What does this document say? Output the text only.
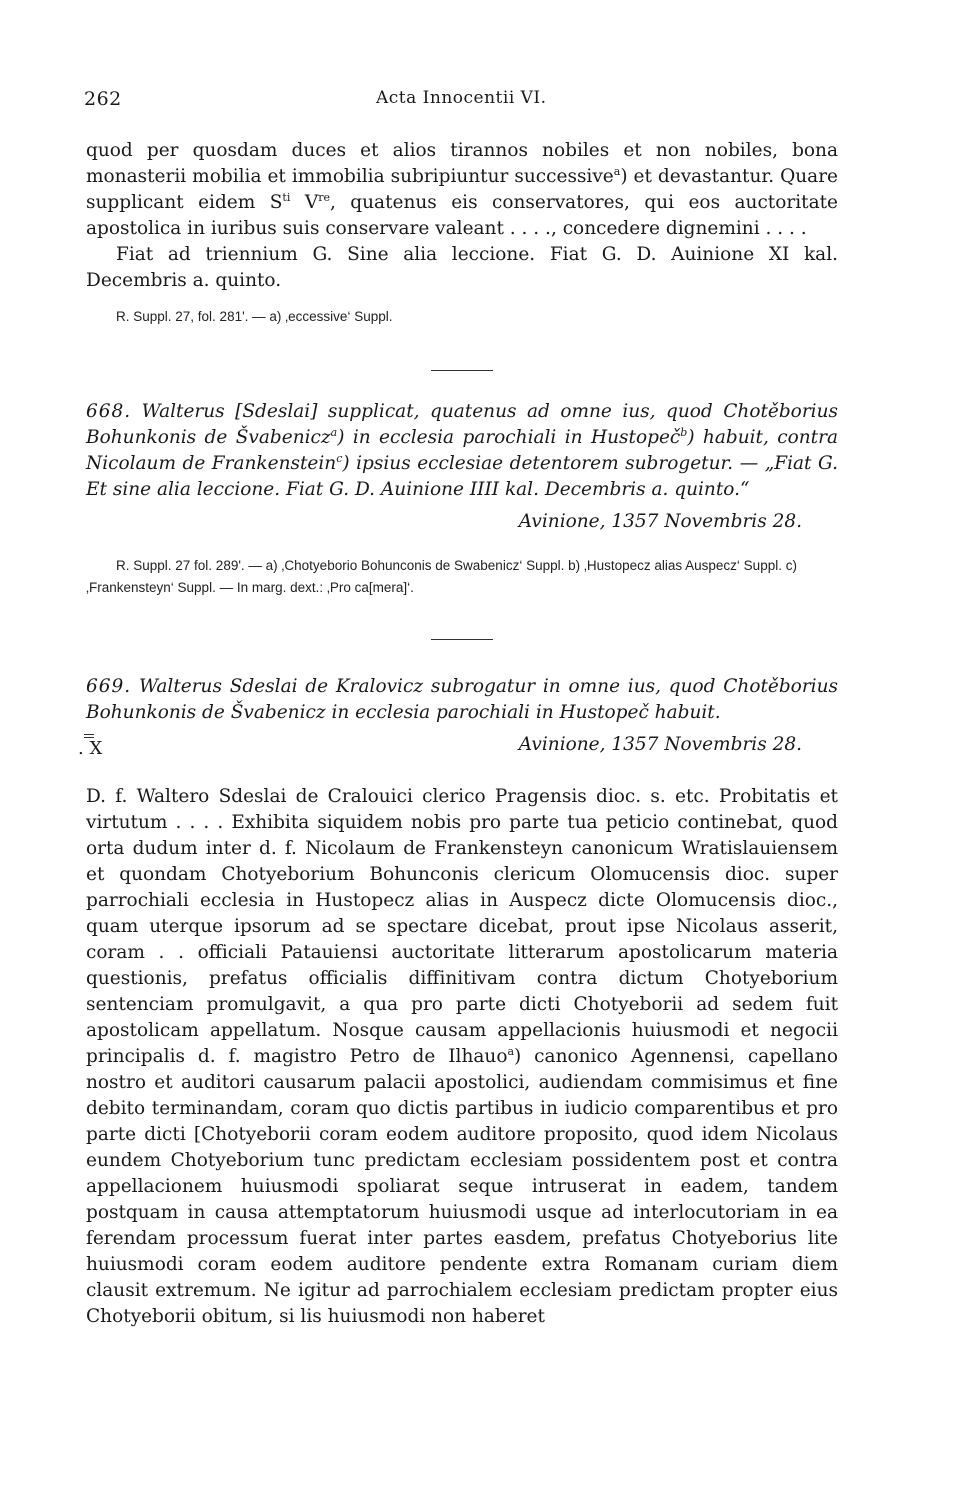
262	Acta Innocentii VI.

quod per quosdam duces et alios tirannos nobiles et non nobiles, bona monasterii mobilia et immobilia subripiuntur successive$^a$) et devastantur. Quare supplicant eidem $S^{ti}$ Vre, quatenus eis conservatores, qui eos auctoritate apostolica in iuribus suis conservare valeant . . . ., concedere dignemini . . . .

Fiat ad triennium G. Sine alia leccione. Fiat G. D. Auinione XI kal. Decembris a. quinto.

R. Suppl. 27, fol. 281'. — a) ‚eccessive‘ Suppl.

668. Walterus [Sdeslai] supplicat, quatenus ad omne ius, quod Chotěborius Bohunkonis de Švabenicz$^a$) in ecclesia parochiali in Hustopeč$^b$) habuit, contra Nicolaum de Frankenstein$^c$) ipsius ecclesiae detentorem subrogetur. — „Fiat G. Et sine alia leccione. Fiat G. D. Auinione IIII kal. Decembris a. quinto.“

Avinione, 1357 Novembris 28.

R. Suppl. 27 fol. 289'. — a) ‚Chotyeborio Bohunconis de Swabenicz‘ Suppl. b) ‚Hustopecz alias Auspecz‘ Suppl. c) ‚Frankensteyn‘ Suppl. — In marg. dext.: ‚Pro ca[mera]‘.

669. Walterus Sdeslai de Kralovicz subrogatur in omne ius, quod Chotěborius Bohunkonis de Švabenicz in ecclesia parochiali in Hustopeč habuit.

. X	Avinione, 1357 Novembris 28.

D. f. Waltero Sdeslai de Cralouici clerico Pragensis dioc. s. etc. Probitatis et virtutum . . . . Exhibita siquidem nobis pro parte tua peticio continebat, quod orta dudum inter d. f. Nicolaum de Frankensteyn canonicum Wratislauiensem et quondam Chotyeborium Bohunconis clericum Olomucensis dioc. super parrochiali ecclesia in Hustopecz alias in Auspecz dicte Olomucensis dioc., quam uterque ipsorum ad se spectare dicebat, prout ipse Nicolaus asserit, coram . . officiali Patauiensi auctoritate litterarum apostolicarum materia questionis, prefatus officialis diffinitivam contra dictum Chotyeborium sentenciam promulgavit, a qua pro parte dicti Chotyeborii ad sedem fuit apostolicam appellatum. Nosque causam appellacionis huiusmodi et negocii principalis d. f. magistro Petro de Ilhauo$^a$) canonico Agennensi, capellano nostro et auditori causarum palacii apostolici, audiendam commisimus et fine debito terminandam, coram quo dictis partibus in iudicio comparentibus et pro parte dicti [Chotyeborii coram eodem auditore proposito, quod idem Nicolaus eundem Chotyeborium tunc predictam ecclesiam possidentem post et contra appellacionem huiusmodi spoliarat seque intruserat in eadem, tandem postquam in causa attemptatorum huiusmodi usque ad interlocutoriam in ea ferendam processum fuerat inter partes easdem, prefatus Chotyeborius lite huiusmodi coram eodem auditore pendente extra Romanam curiam diem clausit extremum. Ne igitur ad parrochialem ecclesiam predictam propter eius Chotyeborii obitum, si lis huiusmodi non haberet
